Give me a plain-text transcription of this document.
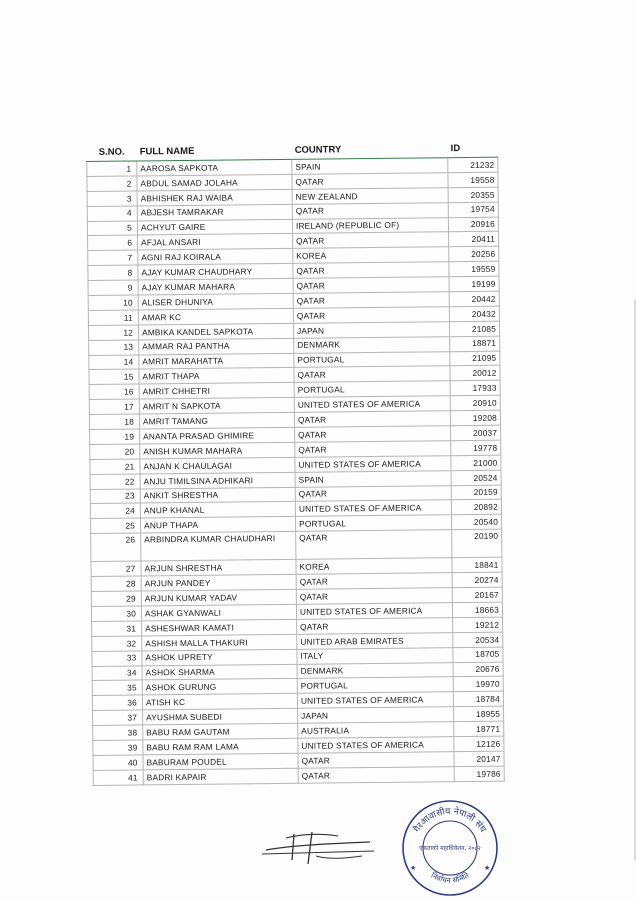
S.NO.	FULL NAME	COUNTRY	ID
1	AAROSA SAPKOTA	SPAIN	21232
2	ABDUL SAMAD JOLAHA	QATAR	19558
3	ABHISHEK RAJ WAIBA	NEW ZEALAND	20355
4	ABJESH TAMRAKAR	QATAR	19754
5	ACHYUT GAIRE	IRELAND (REPUBLIC OF)	20916
6	AFJAL ANSARI	QATAR	20411
7	AGNI RAJ KOIRALA	KOREA	20256
8	AJAY KUMAR CHAUDHARY	QATAR	19559
9	AJAY KUMAR MAHARA	QATAR	19199
10	ALISER DHUNIYA	QATAR	20442
11	AMAR KC	QATAR	20432
12	AMBIKA KANDEL SAPKOTA	JAPAN	21085
13	AMMAR RAJ PANTHA	DENMARK	18871
14	AMRIT MARAHATTA	PORTUGAL	21095
15	AMRIT THAPA	QATAR	20012
16	AMRIT CHHETRI	PORTUGAL	17933
17	AMRIT N SAPKOTA	UNITED STATES OF AMERICA	20910
18	AMRIT TAMANG	QATAR	19208
19	ANANTA PRASAD GHIMIRE	QATAR	20037
20	ANISH KUMAR MAHARA	QATAR	19778
21	ANJAN K CHAULAGAI	UNITED STATES OF AMERICA	21000
22	ANJU TIMILSINA ADHIKARI	SPAIN	20524
23	ANKIT SHRESTHA	QATAR	20159
24	ANUP KHANAL	UNITED STATES OF AMERICA	20892
25	ANUP THAPA	PORTUGAL	20540
26	ARBINDRA KUMAR CHAUDHARI	QATAR	20190
27	ARJUN SHRESTHA	KOREA	18841
28	ARJUN PANDEY	QATAR	20274
29	ARJUN KUMAR YADAV	QATAR	20167
30	ASHAK GYANWALI	UNITED STATES OF AMERICA	18663
31	ASHESHWAR KAMATI	QATAR	19212
32	ASHISH MALLA THAKURI	UNITED ARAB EMIRATES	20534
33	ASHOK UPRETY	ITALY	18705
34	ASHOK SHARMA	DENMARK	20676
35	ASHOK GURUNG	PORTUGAL	19970
36	ATISH KC	UNITED STATES OF AMERICA	18784
37	AYUSHMA SUBEDI	JAPAN	18955
38	BABU RAM GAUTAM	AUSTRALIA	18771
39	BABU RAM RAM LAMA	UNITED STATES OF AMERICA	12126
40	BABURAM POUDEL	QATAR	20147
41	BADRI KAPAIR	QATAR	19786
गैरआवासीय नेपाली संघ
निर्वाचन समिति
एकताको महाधिवेशन, २०८२
★	★
